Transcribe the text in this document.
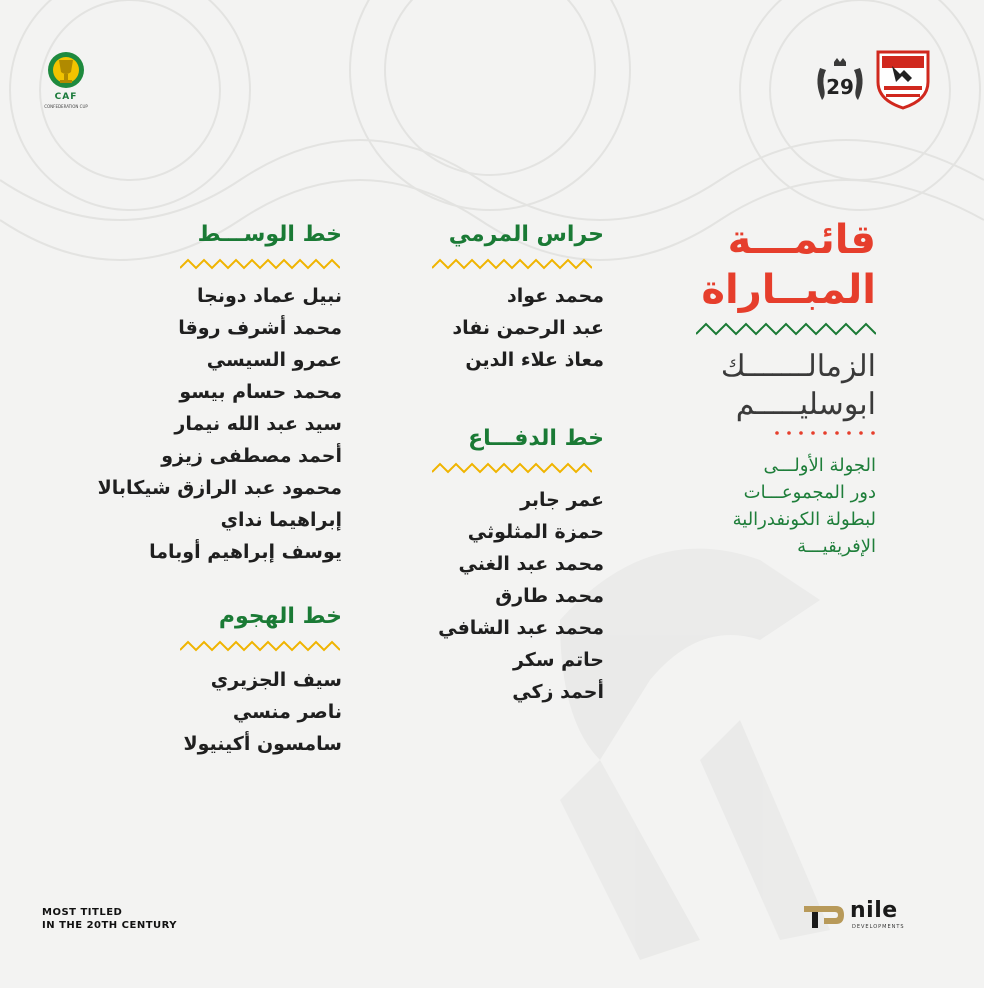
CAF
CONFEDERATION CUP
29
قائمـــة
المبــاراة
الزمالـــــــك
ابوسليـــــم
الجولة الأولـــى
دور المجموعـــات
لبطولة الكونفدرالية
الإفريقيـــة
حراس المرمي
محمد عواد
عبد الرحمن نفاد
معاذ علاء الدين
خط الدفـــاع
عمر جابر
حمزة المثلوثي
محمد عبد الغني
محمد طارق
محمد عبد الشافي
حاتم سكر
أحمد زكي
خط الوســـط
نبيل عماد دونجا
محمد أشرف روقا
عمرو السيسي
محمد حسام بيسو
سيد عبد الله نيمار
أحمد مصطفى زيزو
محمود عبد الرازق شيكابالا
إبراهيما نداي
يوسف إبراهيم أوباما
خط الهجوم
سيف الجزيري
ناصر منسي
سامسون أكينيولا
MOST TITLED
IN THE 20TH CENTURY
nile
DEVELOPMENTS
